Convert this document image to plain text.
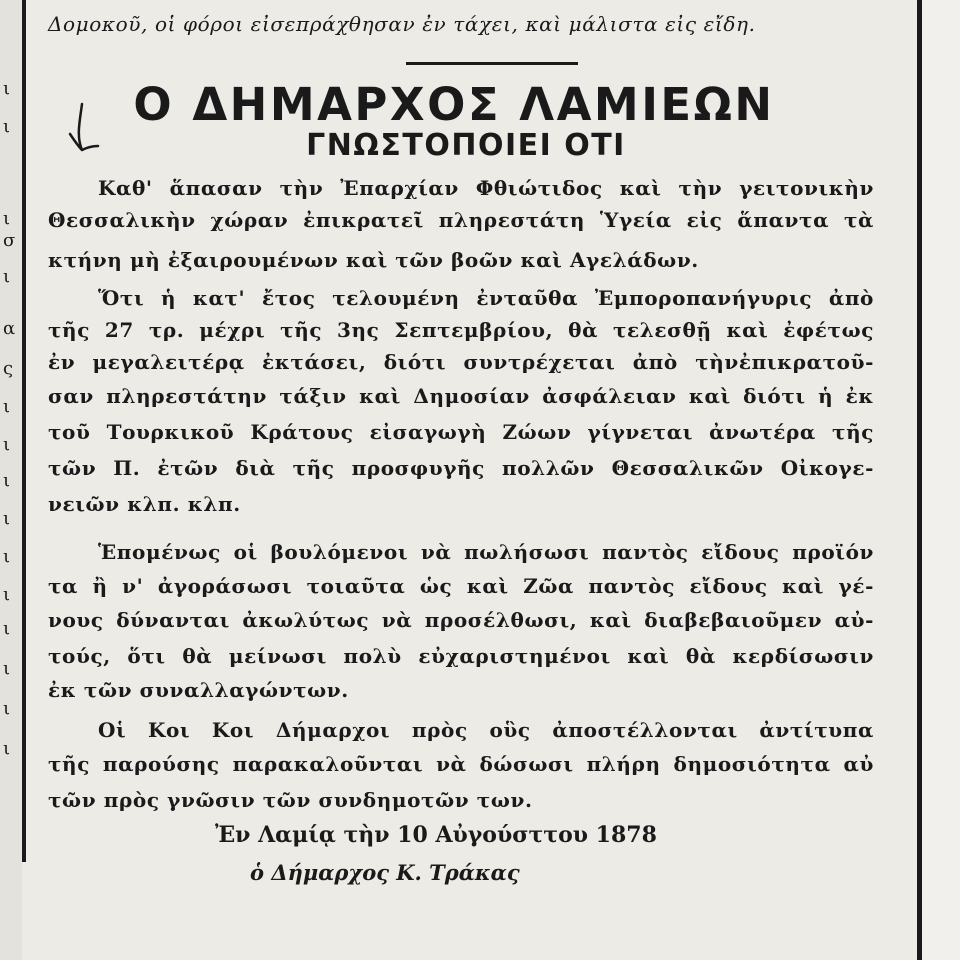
ι
ι
ι
σ
ι
α
ς
ι
ι
ι
ι
ι
ι
ι
ι
ι
ι
Δομοκοῦ, οἱ φόροι εἰσεπράχθησαν ἐν τάχει, καὶ μάλιστα εἰς εἴδη.
Ο ΔΗΜΑΡΧΟΣ ΛΑΜΙΕΩΝ
ΓΝΩΣΤΟΠΟΙΕΙ ΟΤΙ
Καθ' ἅπασαν τὴν Ἐπαρχίαν Φθιώτιδος καὶ τὴν γειτονικὴν
Θεσσαλικὴν χώραν ἐπικρατεῖ πληρεστάτη Ὑγεία εἰς ἅπαντα τὰ
κτήνη μὴ ἐξαιρουμένων καὶ τῶν βοῶν καὶ Αγελάδων.
Ὅτι ἡ κατ' ἔτος τελουμένη ἐνταῦθα Ἐμποροπανήγυρις ἀπὸ
τῆς 27 τρ. μέχρι τῆς 3ης Σεπτεμβρίου, θὰ τελεσθῇ καὶ ἐφέτως
ἐν μεγαλειτέρᾳ ἐκτάσει, διότι συντρέχεται ἀπὸ τὴνἐπικρατοῦ-
σαν πληρεστάτην τάξιν καὶ Δημοσίαν ἀσφάλειαν καὶ διότι ἡ ἐκ
τοῦ Τουρκικοῦ Κράτους εἰσαγωγὴ Ζώων γίγνεται ἀνωτέρα τῆς
τῶν Π. ἐτῶν διὰ τῆς προσφυγῆς πολλῶν Θεσσαλικῶν Οἰκογε-
νειῶν κλπ. κλπ.
Ἑπομένως οἱ βουλόμενοι νὰ πωλήσωσι παντὸς εἴδους προϊόν
τα ἢ ν' ἀγοράσωσι τοιαῦτα ὡς καὶ Ζῶα παντὸς εἴδους καὶ γέ-
νους δύνανται ἀκωλύτως νὰ προσέλθωσι, καὶ διαβεβαιοῦμεν αὐ-
τούς, ὅτι θὰ μείνωσι πολὺ εὐχαριστημένοι καὶ θὰ κερδίσωσιν
ἐκ τῶν συναλλαγώντων.
Οἱ Κοι Κοι Δήμαρχοι πρὸς οὓς ἀποστέλλονται ἀντίτυπα
τῆς παρούσης παρακαλοῦνται νὰ δώσωσι πλήρη δημοσιότητα αὐ
τῶν πρὸς γνῶσιν τῶν συνδημοτῶν των.
Ἐν Λαμίᾳ τὴν 10 Αὐγούσττου 1878
ὁ Δήμαρχος Κ. Τράκας
